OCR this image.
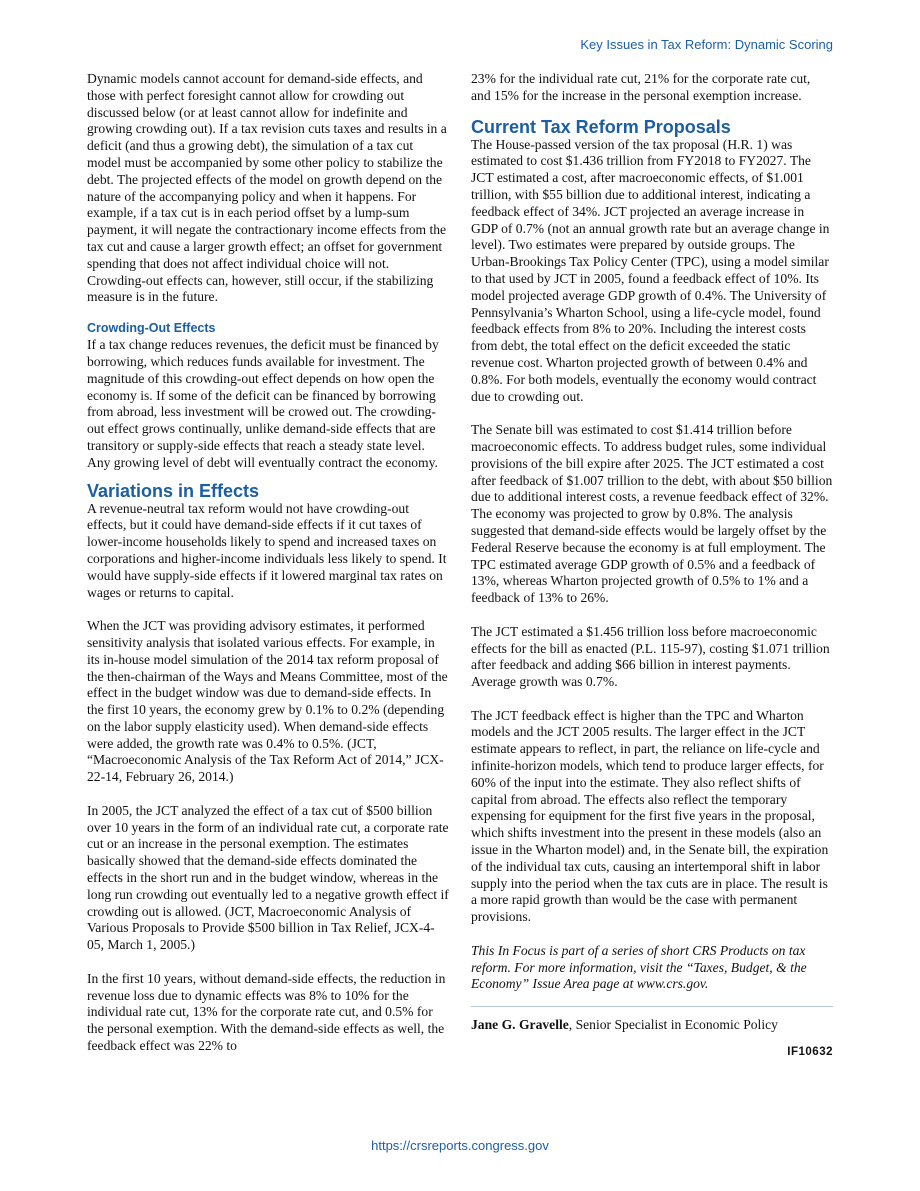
Key Issues in Tax Reform: Dynamic Scoring

Dynamic models cannot account for demand-side effects, and those with perfect foresight cannot allow for crowding out discussed below (or at least cannot allow for indefinite and growing crowding out). If a tax revision cuts taxes and results in a deficit (and thus a growing debt), the simulation of a tax cut model must be accompanied by some other policy to stabilize the debt. The projected effects of the model on growth depend on the nature of the accompanying policy and when it happens. For example, if a tax cut is in each period offset by a lump-sum payment, it will negate the contractionary income effects from the tax cut and cause a larger growth effect; an offset for government spending that does not affect individual choice will not. Crowding-out effects can, however, still occur, if the stabilizing measure is in the future.

Crowding-Out Effects

If a tax change reduces revenues, the deficit must be financed by borrowing, which reduces funds available for investment. The magnitude of this crowding-out effect depends on how open the economy is. If some of the deficit can be financed by borrowing from abroad, less investment will be crowed out. The crowding-out effect grows continually, unlike demand-side effects that are transitory or supply-side effects that reach a steady state level. Any growing level of debt will eventually contract the economy.

Variations in Effects

A revenue-neutral tax reform would not have crowding-out effects, but it could have demand-side effects if it cut taxes of lower-income households likely to spend and increased taxes on corporations and higher-income individuals less likely to spend. It would have supply-side effects if it lowered marginal tax rates on wages or returns to capital.

When the JCT was providing advisory estimates, it performed sensitivity analysis that isolated various effects. For example, in its in-house model simulation of the 2014 tax reform proposal of the then-chairman of the Ways and Means Committee, most of the effect in the budget window was due to demand-side effects. In the first 10 years, the economy grew by 0.1% to 0.2% (depending on the labor supply elasticity used). When demand-side effects were added, the growth rate was 0.4% to 0.5%. (JCT, “Macroeconomic Analysis of the Tax Reform Act of 2014,” JCX-22-14, February 26, 2014.)

In 2005, the JCT analyzed the effect of a tax cut of $500 billion over 10 years in the form of an individual rate cut, a corporate rate cut or an increase in the personal exemption. The estimates basically showed that the demand-side effects dominated the effects in the short run and in the budget window, whereas in the long run crowding out eventually led to a negative growth effect if crowding out is allowed. (JCT, Macroeconomic Analysis of Various Proposals to Provide $500 billion in Tax Relief, JCX-4-05, March 1, 2005.)

In the first 10 years, without demand-side effects, the reduction in revenue loss due to dynamic effects was 8% to 10% for the individual rate cut, 13% for the corporate rate cut, and 0.5% for the personal exemption. With the demand-side effects as well, the feedback effect was 22% to

23% for the individual rate cut, 21% for the corporate rate cut, and 15% for the increase in the personal exemption increase.

Current Tax Reform Proposals

The House-passed version of the tax proposal (H.R. 1) was estimated to cost $1.436 trillion from FY2018 to FY2027. The JCT estimated a cost, after macroeconomic effects, of $1.001 trillion, with $55 billion due to additional interest, indicating a feedback effect of 34%. JCT projected an average increase in GDP of 0.7% (not an annual growth rate but an average change in level). Two estimates were prepared by outside groups. The Urban-Brookings Tax Policy Center (TPC), using a model similar to that used by JCT in 2005, found a feedback effect of 10%. Its model projected average GDP growth of 0.4%. The University of Pennsylvania’s Wharton School, using a life-cycle model, found feedback effects from 8% to 20%. Including the interest costs from debt, the total effect on the deficit exceeded the static revenue cost. Wharton projected growth of between 0.4% and 0.8%. For both models, eventually the economy would contract due to crowding out.

The Senate bill was estimated to cost $1.414 trillion before macroeconomic effects. To address budget rules, some individual provisions of the bill expire after 2025. The JCT estimated a cost after feedback of $1.007 trillion to the debt, with about $50 billion due to additional interest costs, a revenue feedback effect of 32%. The economy was projected to grow by 0.8%. The analysis suggested that demand-side effects would be largely offset by the Federal Reserve because the economy is at full employment. The TPC estimated average GDP growth of 0.5% and a feedback of 13%, whereas Wharton projected growth of 0.5% to 1% and a feedback of 13% to 26%.

The JCT estimated a $1.456 trillion loss before macroeconomic effects for the bill as enacted (P.L. 115-97), costing $1.071 trillion after feedback and adding $66 billion in interest payments. Average growth was 0.7%.

The JCT feedback effect is higher than the TPC and Wharton models and the JCT 2005 results. The larger effect in the JCT estimate appears to reflect, in part, the reliance on life-cycle and infinite-horizon models, which tend to produce larger effects, for 60% of the input into the estimate. They also reflect shifts of capital from abroad. The effects also reflect the temporary expensing for equipment for the first five years in the proposal, which shifts investment into the present in these models (also an issue in the Wharton model) and, in the Senate bill, the expiration of the individual tax cuts, causing an intertemporal shift in labor supply into the period when the tax cuts are in place. The result is a more rapid growth than would be the case with permanent provisions.

This In Focus is part of a series of short CRS Products on tax reform. For more information, visit the “Taxes, Budget, & the Economy” Issue Area page at www.crs.gov.

Jane G. Gravelle, Senior Specialist in Economic Policy
IF10632
https://crsreports.congress.gov
